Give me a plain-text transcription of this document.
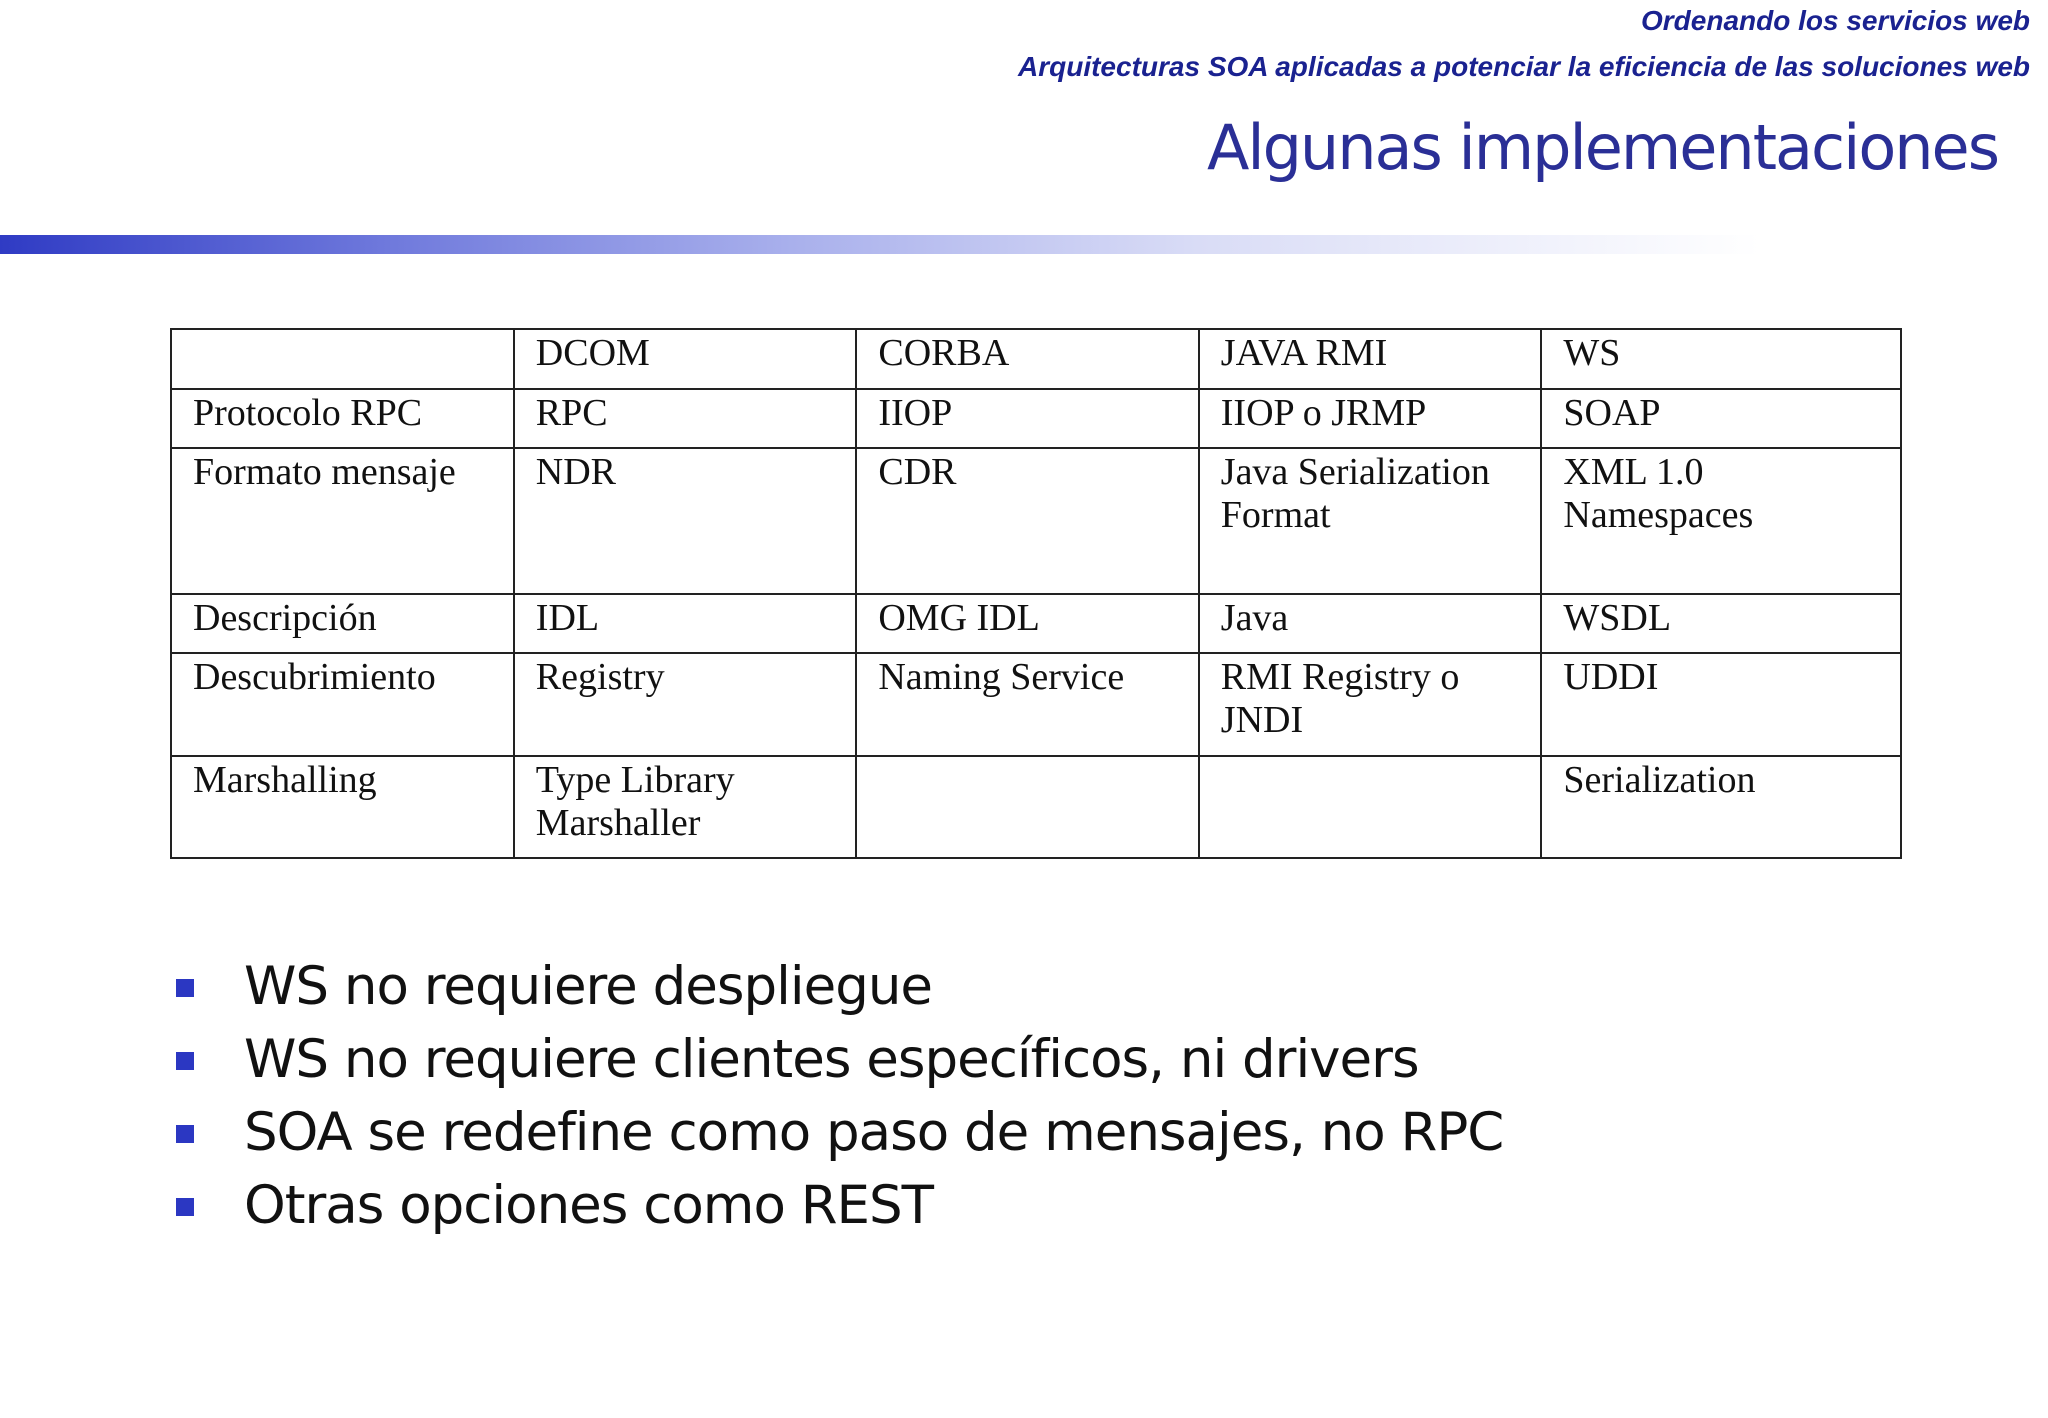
Ordenando los servicios web

Arquitecturas SOA aplicadas a potenciar la eficiencia de las soluciones web

Algunas implementaciones
	DCOM	CORBA	JAVA RMI	WS
Protocolo RPC	RPC	IIOP	IIOP o JRMP	SOAP
Formato mensaje	NDR	CDR	Java Serialization Format	XML 1.0 Namespaces
Descripción	IDL	OMG IDL	Java	WSDL
Descubrimiento	Registry	Naming Service	RMI Registry o JNDI	UDDI
Marshalling	Type Library Marshaller			Serialization
WS no requiere despliegue
WS no requiere clientes específicos, ni drivers
SOA se redefine como paso de mensajes, no RPC
Otras opciones como REST
